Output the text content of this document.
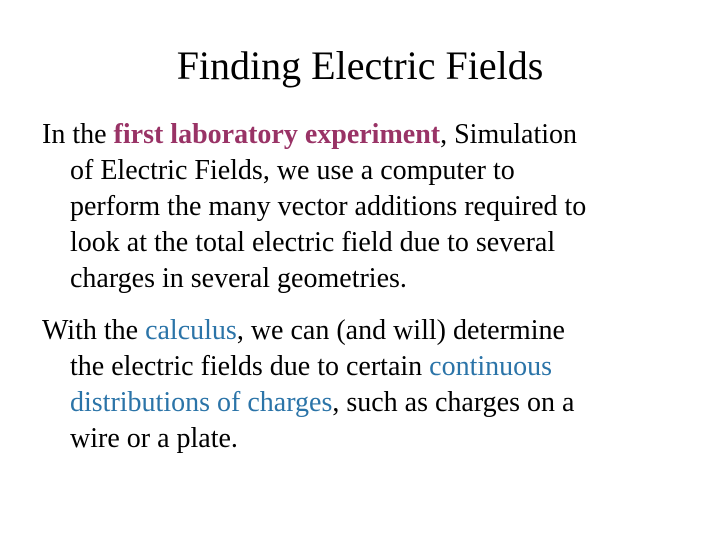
Finding Electric Fields

In the first laboratory experiment, Simulation
of Electric Fields, we use a computer to
perform the many vector additions required to
look at the total electric field due to several
charges in several geometries.

With the calculus, we can (and will) determine
the electric fields due to certain continuous
distributions of charges, such as charges on a
wire or a plate.
